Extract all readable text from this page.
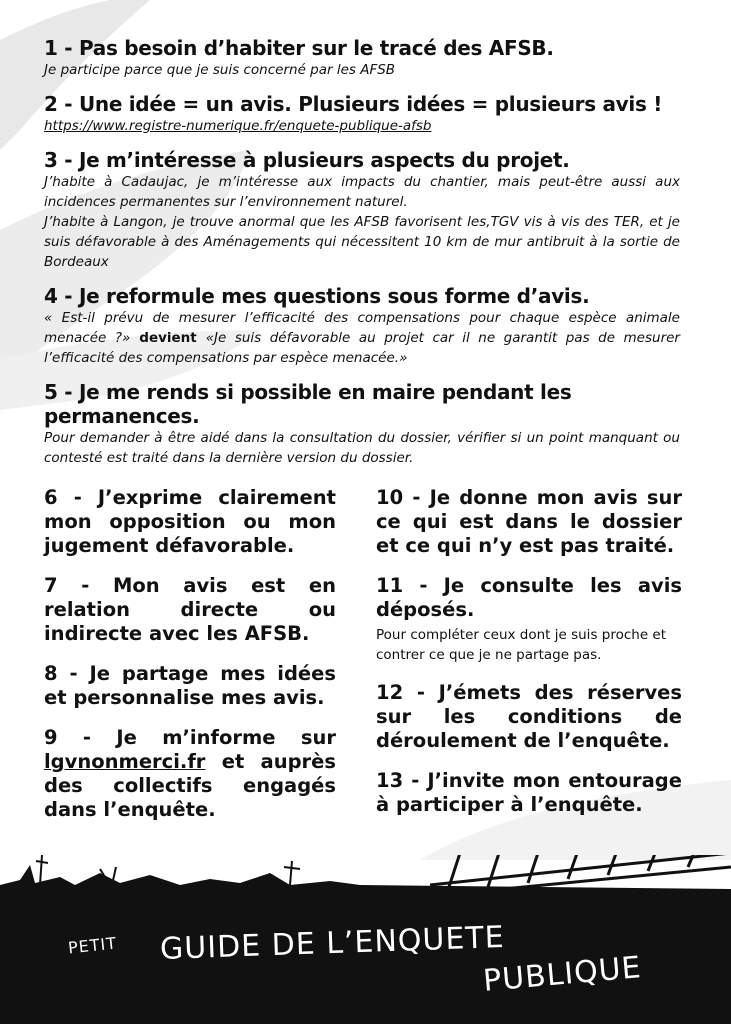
1 - Pas besoin d’habiter sur le tracé des AFSB.
Je participe parce que je suis concerné par les AFSB
2 - Une idée = un avis. Plusieurs idées = plusieurs avis !
https://www.registre-numerique.fr/enquete-publique-afsb
3 - Je m’intéresse à plusieurs aspects du projet.
J’habite à Cadaujac, je m’intéresse aux impacts du chantier, mais peut-être aussi aux incidences permanentes sur l’environnement naturel.
J’habite à Langon, je trouve anormal que les AFSB favorisent les,TGV vis à vis des TER, et je suis défavorable à des Aménagements qui nécessitent 10 km de mur antibruit à la sortie de Bordeaux
4 - Je reformule mes questions sous forme d’avis.
« Est-il prévu de mesurer l’efficacité des compensations pour chaque espèce animale menacée ?» devient «Je suis défavorable au projet car il ne garantit pas de mesurer l’efficacité des compensations par espèce menacée.»
5 - Je me rends si possible en maire pendant les permanences.
Pour demander à être aidé dans la consultation du dossier, vérifier si un point manquant ou contesté est traité dans la dernière version du dossier.
6 - J’exprime clairement mon opposition ou mon jugement défavorable.
7 - Mon avis est en relation directe ou indirecte avec les AFSB.
8 - Je partage mes idées et personnalise mes avis.
9 - Je m’informe sur lgvnonmerci.fr et auprès des collectifs engagés dans l’enquête.
10 - Je donne mon avis sur ce qui est dans le dossier et ce qui n’y est pas traité.
11 - Je consulte les avis déposés.
Pour compléter ceux dont je suis proche et contrer ce que je ne partage pas.
12 - J’émets des réserves sur les conditions de déroulement de l’enquête.
13 - J’invite mon entourage à participer à l’enquête.
PETIT GUIDE DE L’ENQUETE
PUBLIQUE
